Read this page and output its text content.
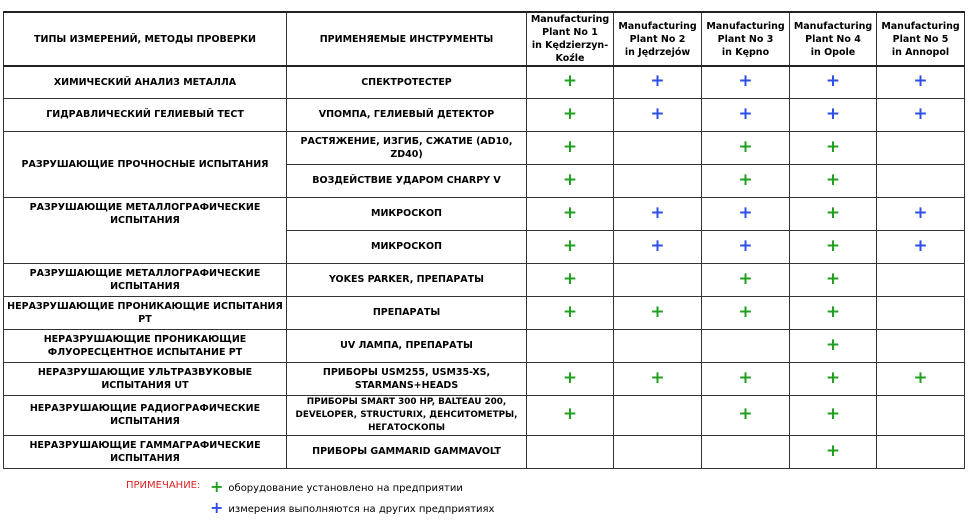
ТИПЫ ИЗМЕРЕНИЙ, МЕТОДЫ ПРОВЕРКИ	ПРИМЕНЯЕМЫЕ ИНСТРУМЕНТЫ	Manufacturing
Plant No 1
in Kędzierzyn-Koźle	Manufacturing
Plant No 2
in Jędrzejów	Manufacturing
Plant No 3
in Kępno	Manufacturing
Plant No 4
in Opole	Manufacturing
Plant No 5
in Annopol
ХИМИЧЕСКИЙ АНАЛИЗ МЕТАЛЛА	СПЕКТРОТЕСТЕР	+	+	+	+	+
ГИДРАВЛИЧЕСКИЙ ГЕЛИЕВЫЙ ТЕСТ	VПОМПА, ГЕЛИЕВЫЙ ДЕТЕКТОР	+	+	+	+	+
РАЗРУШАЮЩИЕ ПРОЧНОСНЫЕ ИСПЫТАНИЯ	РАСТЯЖЕНИЕ, ИЗГИБ, СЖАТИЕ (AD10, ZD40)	+		+	+	
	ВОЗДЕЙСТВИЕ УДАРОМ CHARPY V	+		+	+	
РАЗРУШАЮЩИЕ МЕТАЛЛОГРАФИЧЕСКИЕ ИСПЫТАНИЯ	МИКРОСКОП	+	+	+	+	+
	МИКРОСКОП	+	+	+	+	+
РАЗРУШАЮЩИЕ МЕТАЛЛОГРАФИЧЕСКИЕ ИСПЫТАНИЯ	YOKES PARKER, ПРЕПАРАТЫ	+		+	+	
НЕРАЗРУШАЮЩИЕ ПРОНИКАЮЩИЕ ИСПЫТАНИЯ PT	ПРЕПАРАТЫ	+	+	+	+	
НЕРАЗРУШАЮЩИЕ ПРОНИКАЮЩИЕ ФЛУОРЕСЦЕНТНОЕ ИСПЫТАНИЕ PT	UV ЛАМПА, ПРЕПАРАТЫ				+	
НЕРАЗРУШАЮЩИЕ УЛЬТРАЗВУКОВЫЕ ИСПЫТАНИЯ UT	ПРИБОРЫ USM255, USM35-XS, STARMANS+HEADS	+	+	+	+	+
НЕРАЗРУШАЮЩИЕ РАДИОГРАФИЧЕСКИЕ ИСПЫТАНИЯ	ПРИБОРЫ SMART 300 HP, BALTEAU 200, DEVELOPER, STRUCTURIX, ДЕНСИТОМЕТРЫ, НЕГАТОСКОПЫ	+		+	+	
НЕРАЗРУШАЮЩИЕ ГАММАГРАФИЧЕСКИЕ ИСПЫТАНИЯ	ПРИБОРЫ GAMMARID GAMMAVOLT				+	
ПРИМЕЧАНИЕ: + оборудование установлено на предприятии
+ измерения выполняются на других предприятиях
